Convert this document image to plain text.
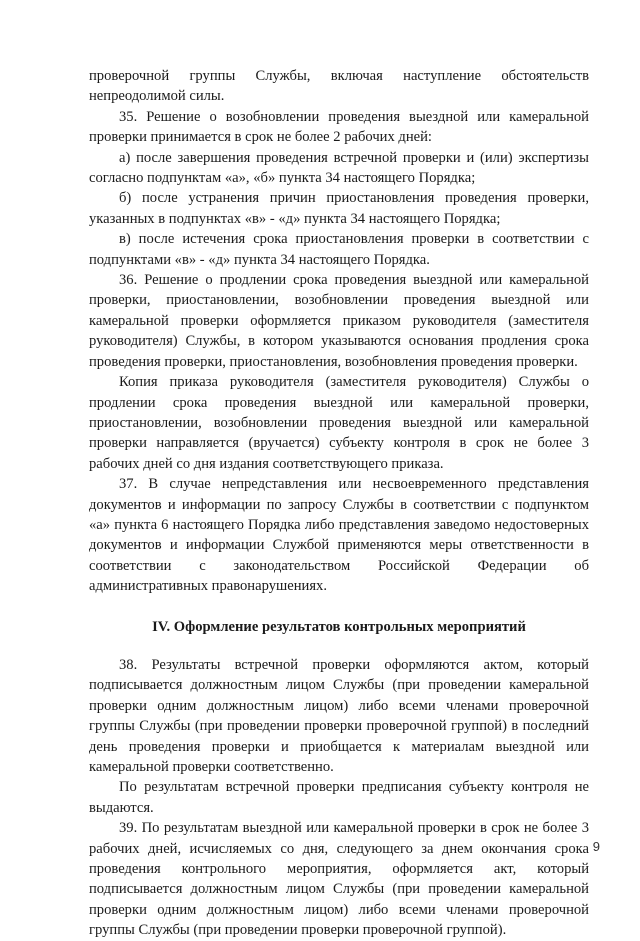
проверочной группы Службы, включая наступление обстоятельств непреодолимой силы.

35. Решение о возобновлении проведения выездной или камеральной проверки принимается в срок не более 2 рабочих дней:

а) после завершения проведения встречной проверки и (или) экспертизы согласно подпунктам «а», «б» пункта 34 настоящего Порядка;

б) после устранения причин приостановления проведения проверки, указанных в подпунктах «в» - «д» пункта 34 настоящего Порядка;

в) после истечения срока приостановления проверки в соответствии с подпунктами «в» - «д» пункта 34 настоящего Порядка.

36. Решение о продлении срока проведения выездной или камеральной проверки, приостановлении, возобновлении проведения выездной или камеральной проверки оформляется приказом руководителя (заместителя руководителя) Службы, в котором указываются основания продления срока проведения проверки, приостановления, возобновления проведения проверки.

Копия приказа руководителя (заместителя руководителя) Службы о продлении срока проведения выездной или камеральной проверки, приостановлении, возобновлении проведения выездной или камеральной проверки направляется (вручается) субъекту контроля в срок не более 3 рабочих дней со дня издания соответствующего приказа.

37. В случае непредставления или несвоевременного представления документов и информации по запросу Службы в соответствии с подпунктом «а» пункта 6 настоящего Порядка либо представления заведомо недостоверных документов и информации Службой применяются меры ответственности в соответствии с законодательством Российской Федерации об административных правонарушениях.

IV. Оформление результатов контрольных мероприятий

38. Результаты встречной проверки оформляются актом, который подписывается должностным лицом Службы (при проведении камеральной проверки одним должностным лицом) либо всеми членами проверочной группы Службы (при проведении проверки проверочной группой) в последний день проведения проверки и приобщается к материалам выездной или камеральной проверки соответственно.

По результатам встречной проверки предписания субъекту контроля не выдаются.

39. По результатам выездной или камеральной проверки в срок не более 3 рабочих дней, исчисляемых со дня, следующего за днем окончания срока проведения контрольного мероприятия, оформляется акт, который подписывается должностным лицом Службы (при проведении камеральной проверки одним должностным лицом) либо всеми членами проверочной группы Службы (при проведении проверки проверочной группой).

9
